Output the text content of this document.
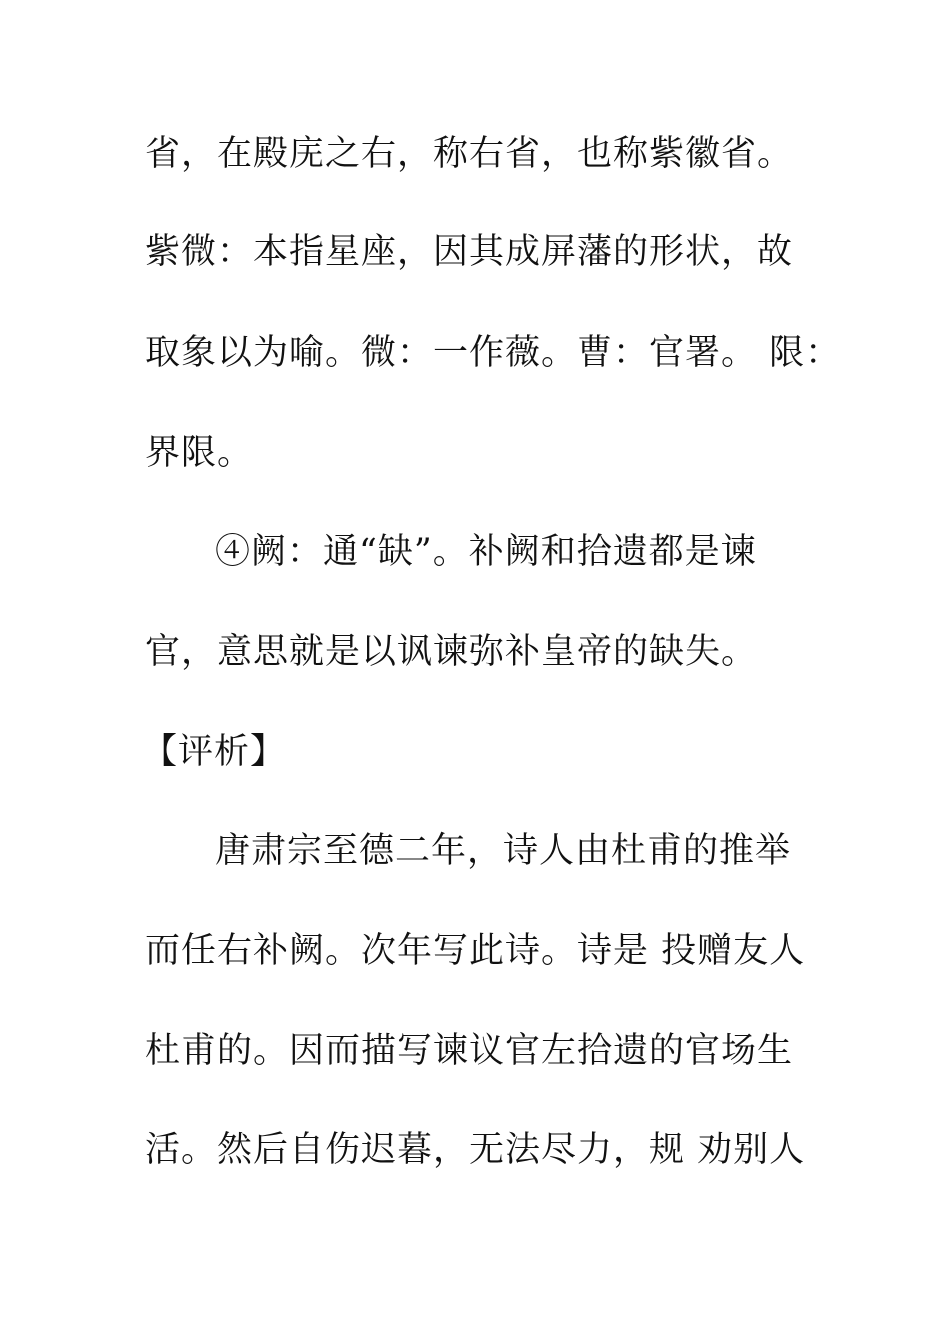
省，在殿庑之右，称右省，也称紫徽省。
紫微：本指星座，因其成屏藩的形状，故
取象以为喻。微：一作薇。曹：官署。 限：
界限。
④阙：通“缺”。补阙和拾遗都是谏
官，意思就是以讽谏弥补皇帝的缺失。
【评析】
唐肃宗至德二年，诗人由杜甫的推举
而任右补阙。次年写此诗。诗是 投赠友人
杜甫的。因而描写谏议官左拾遗的官场生
活。然后自伤迟暮，无法尽力，规 劝别人
